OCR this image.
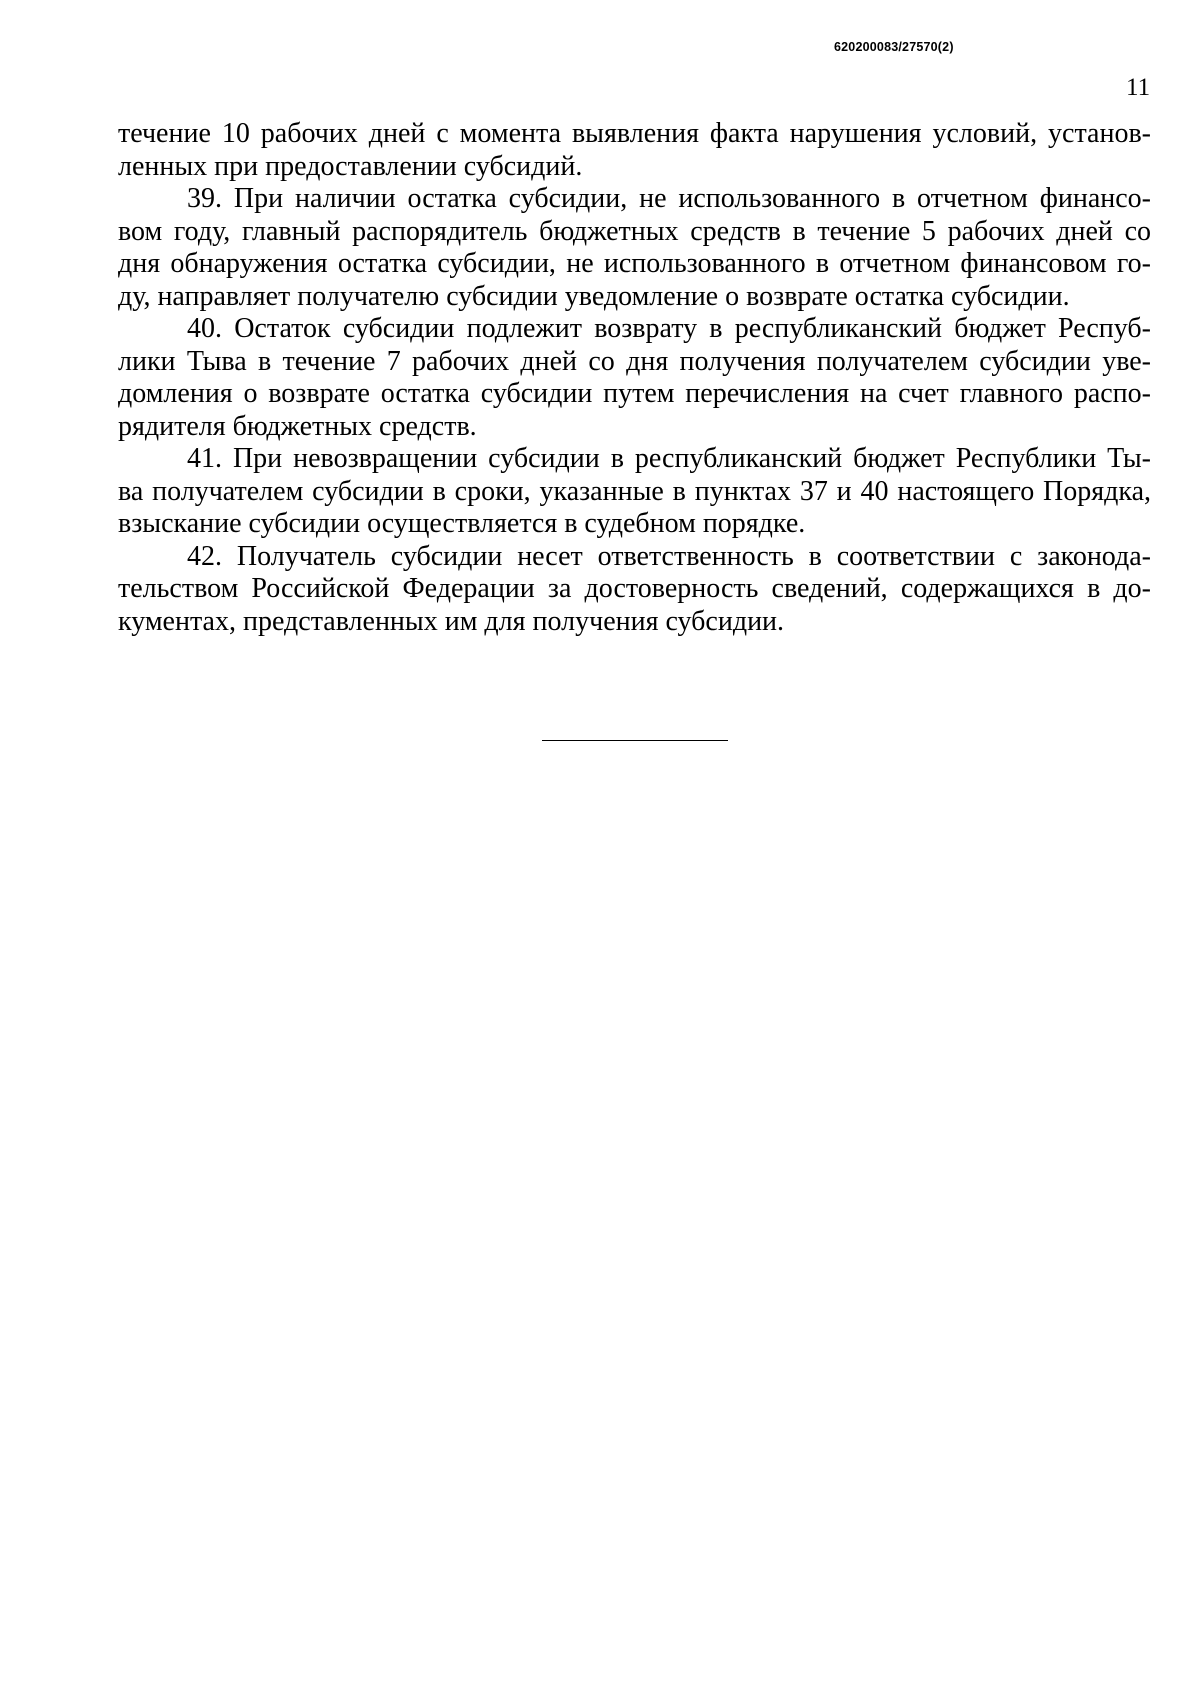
620200083/27570(2)
11
течение 10 рабочих дней с момента выявления факта нарушения условий, установ-
ленных при предоставлении субсидий.
39. При наличии остатка субсидии, не использованного в отчетном финансо-
вом году, главный распорядитель бюджетных средств в течение 5 рабочих дней со
дня обнаружения остатка субсидии, не использованного в отчетном финансовом го-
ду, направляет получателю субсидии уведомление о возврате остатка субсидии.
40. Остаток субсидии подлежит возврату в республиканский бюджет Респуб-
лики Тыва в течение 7 рабочих дней со дня получения получателем субсидии уве-
домления о возврате остатка субсидии путем перечисления на счет главного распо-
рядителя бюджетных средств.
41. При невозвращении субсидии в республиканский бюджет Республики Ты-
ва получателем субсидии в сроки, указанные в пунктах 37 и 40 настоящего Порядка,
взыскание субсидии осуществляется в судебном порядке.
42. Получатель субсидии несет ответственность в соответствии с законода-
тельством Российской Федерации за достоверность сведений, содержащихся в до-
кументах, представленных им для получения субсидии.
